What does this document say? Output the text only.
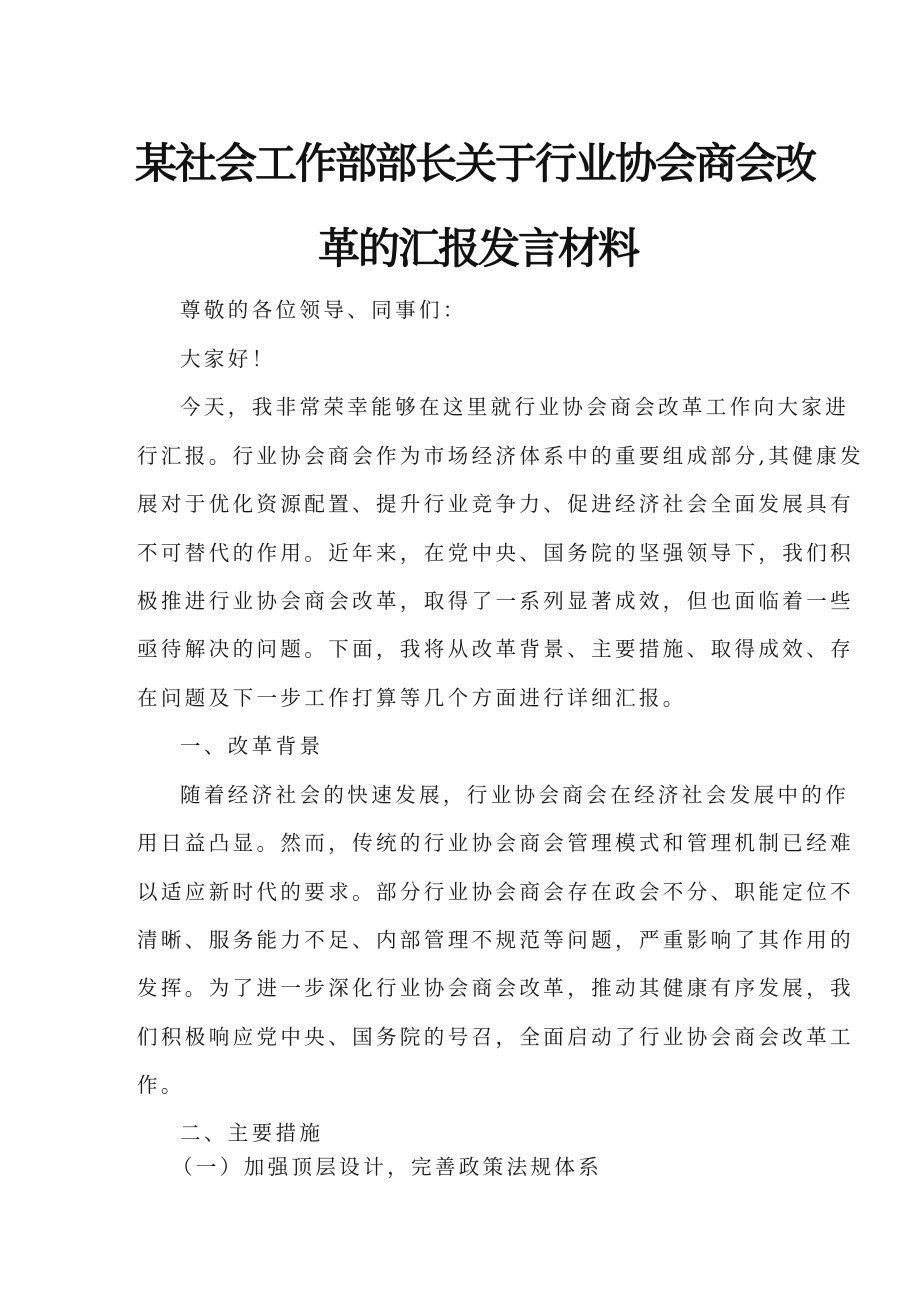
某社会工作部部长关于行业协会商会改
革的汇报发言材料
尊敬的各位领导、同事们：
大家好！
今天，我非常荣幸能够在这里就行业协会商会改革工作向大家进
行汇报。行业协会商会作为市场经济体系中的重要组成部分,其健康发
展对于优化资源配置、提升行业竞争力、促进经济社会全面发展具有
不可替代的作用。近年来，在党中央、国务院的坚强领导下，我们积
极推进行业协会商会改革，取得了一系列显著成效，但也面临着一些
亟待解决的问题。下面，我将从改革背景、主要措施、取得成效、存
在问题及下一步工作打算等几个方面进行详细汇报。
一、改革背景
随着经济社会的快速发展，行业协会商会在经济社会发展中的作
用日益凸显。然而，传统的行业协会商会管理模式和管理机制已经难
以适应新时代的要求。部分行业协会商会存在政会不分、职能定位不
清晰、服务能力不足、内部管理不规范等问题，严重影响了其作用的
发挥。为了进一步深化行业协会商会改革，推动其健康有序发展，我
们积极响应党中央、国务院的号召，全面启动了行业协会商会改革工
作。
二、主要措施
（一）加强顶层设计，完善政策法规体系
